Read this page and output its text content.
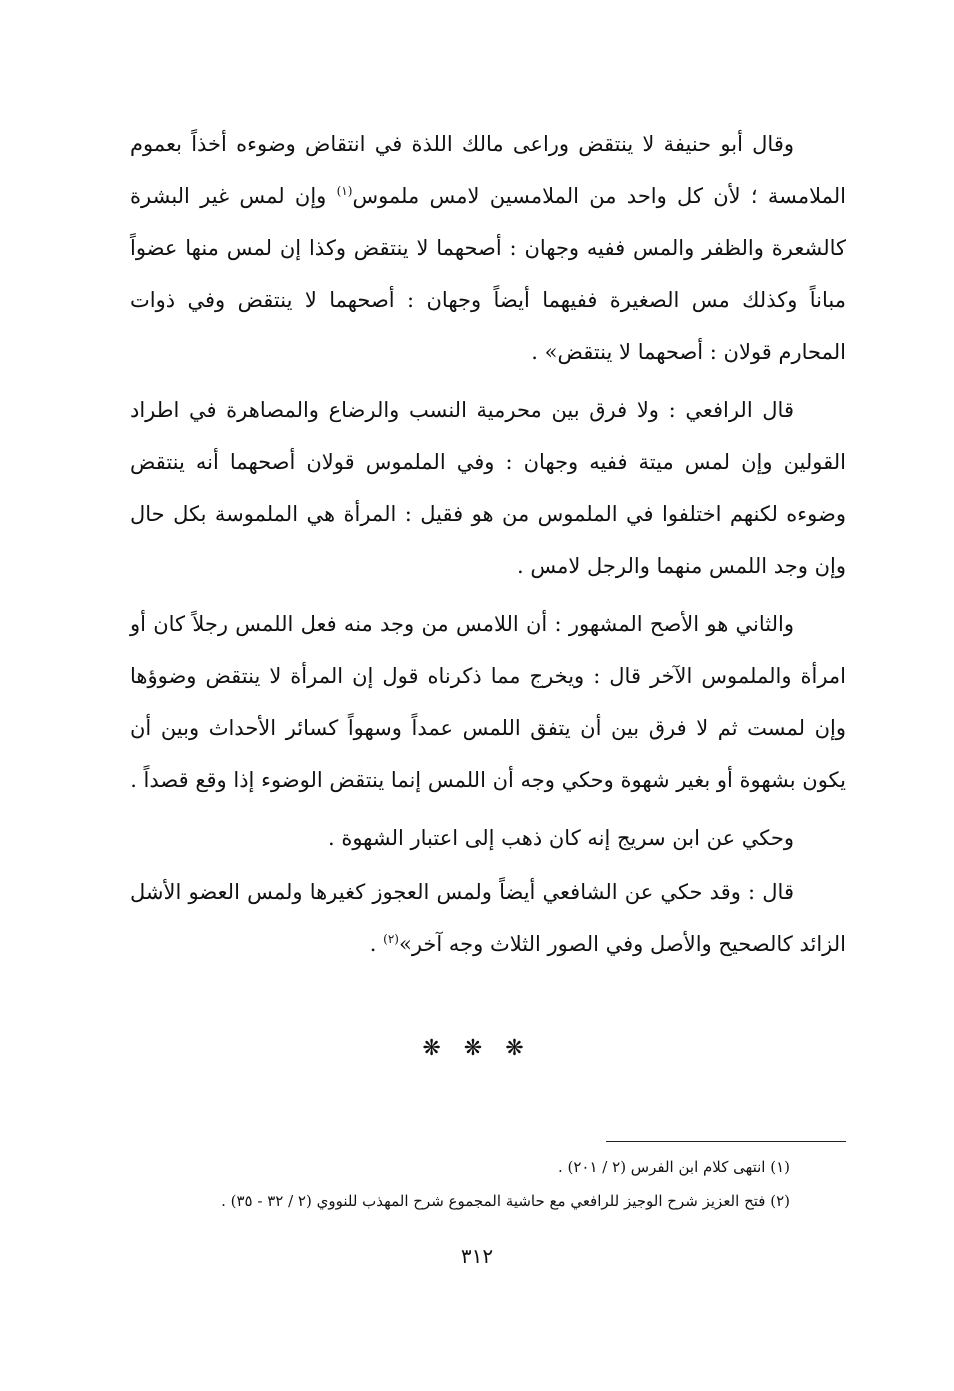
وقال أبو حنيفة لا ينتقض وراعى مالك اللذة في انتقاض وضوءه أخذاً بعموم الملامسة ؛ لأن كل واحد من الملامسين لامس ملموس$^{(١)}$ وإن لمس غير البشرة كالشعرة والظفر والمس ففيه وجهان : أصحهما لا ينتقض وكذا إن لمس منها عضواً مباناً وكذلك مس الصغيرة ففيهما أيضاً وجهان : أصحهما لا ينتقض وفي ذوات المحارم قولان : أصحهما لا ينتقض» .

قال الرافعي : ولا فرق بين محرمية النسب والرضاع والمصاهرة في اطراد القولين وإن لمس ميتة ففيه وجهان : وفي الملموس قولان أصحهما أنه ينتقض وضوءه لكنهم اختلفوا في الملموس من هو فقيل : المرأة هي الملموسة بكل حال وإن وجد اللمس منهما والرجل لامس .

والثاني هو الأصح المشهور : أن اللامس من وجد منه فعل اللمس رجلاً كان أو امرأة والملموس الآخر قال : ويخرج مما ذكرناه قول إن المرأة لا ينتقض وضوؤها وإن لمست ثم لا فرق بين أن يتفق اللمس عمداً وسهواً كسائر الأحداث وبين أن يكون بشهوة أو بغير شهوة وحكي وجه أن اللمس إنما ينتقض الوضوء إذا وقع قصداً .

وحكي عن ابن سريج إنه كان ذهب إلى اعتبار الشهوة .

قال : وقد حكي عن الشافعي أيضاً ولمس العجوز كغيرها ولمس العضو الأشل الزائد كالصحيح والأصل وفي الصور الثلاث وجه آخر»$^{(٢)}$ .

❋ ❋ ❋
(١) انتهى كلام ابن الفرس (٢ / ٢٠١) .
(٢) فتح العزيز شرح الوجيز للرافعي مع حاشية المجموع شرح المهذب للنووي (٢ / ٣٢ - ٣٥) .
٣١٢
